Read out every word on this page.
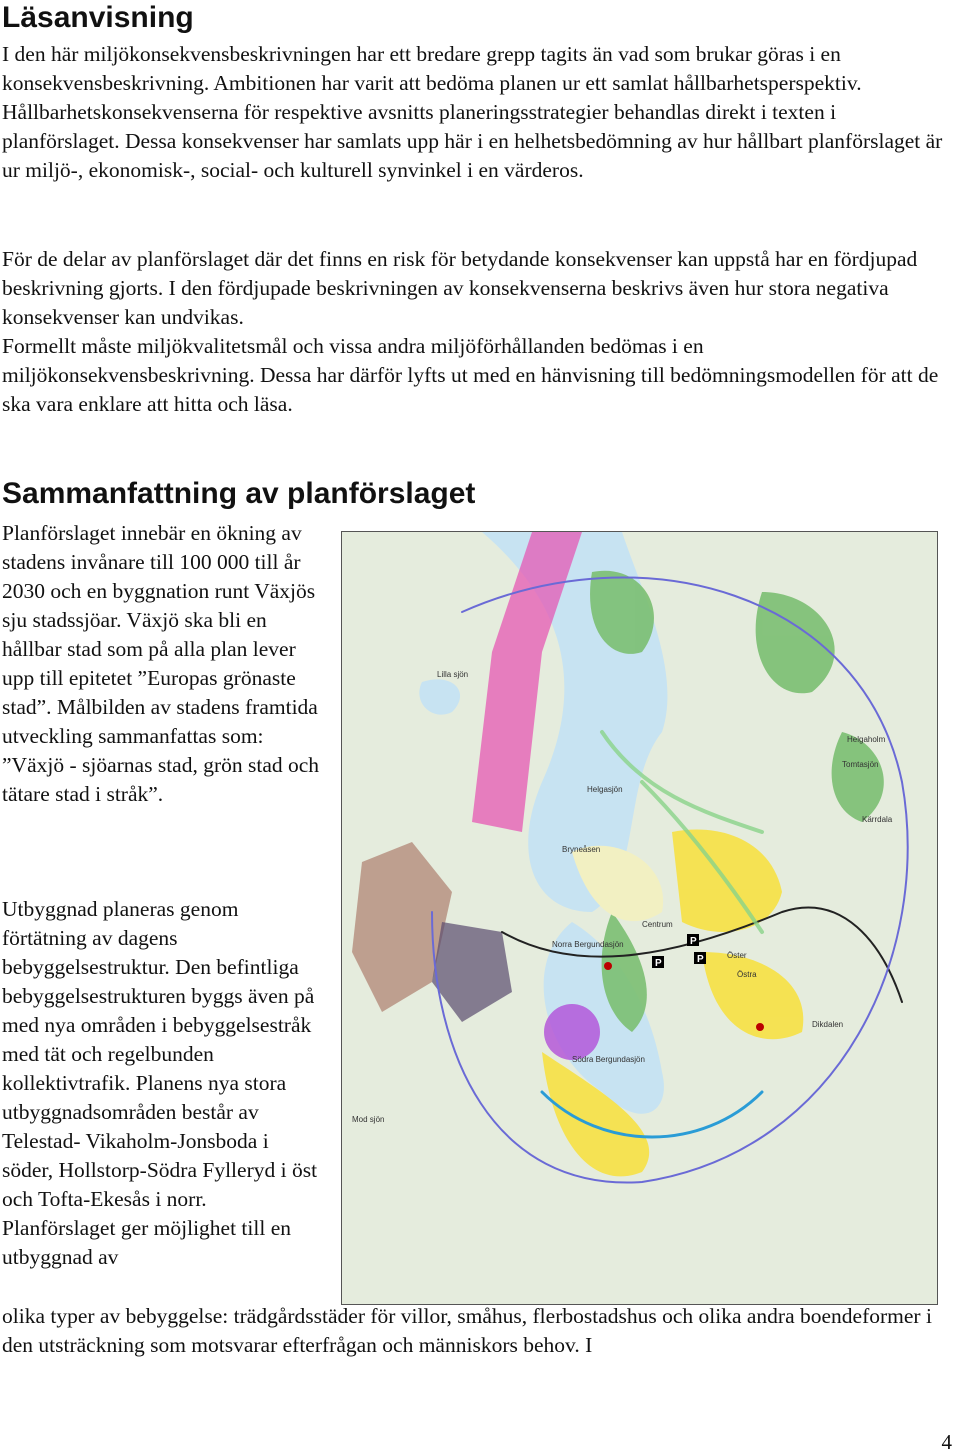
Läsanvisning

I den här miljökonsekvensbeskrivningen har ett bredare grepp tagits än vad som brukar göras i en konsekvensbeskrivning. Ambitionen har varit att bedöma planen ur ett samlat hållbarhetsperspektiv. Hållbarhetskonsekvenserna för respektive avsnitts planeringsstrategier behandlas direkt i texten i planförslaget. Dessa konsekvenser har samlats upp här i en helhetsbedömning av hur hållbart planförslaget är ur miljö-, ekonomisk-, social- och kulturell synvinkel i en värderos.

För de delar av planförslaget där det finns en risk för betydande konsekvenser kan uppstå har en fördjupad beskrivning gjorts. I den fördjupade beskrivningen av konsekvenserna beskrivs även hur stora negativa konsekvenser kan undvikas.

Formellt måste miljökvalitetsmål och vissa andra miljöförhållanden bedömas i en miljökonsekvensbeskrivning. Dessa har därför lyfts ut med en hänvisning till bedömningsmodellen för att de ska vara enklare att hitta och läsa.

Sammanfattning av planförslaget

Planförslaget innebär en ökning av stadens invånare till 100 000 till år 2030 och en byggnation runt Växjös sju stadssjöar. Växjö ska bli en hållbar stad som på alla plan lever upp till epitetet ”Europas grönaste stad”. Målbilden av stadens framtida utveckling sammanfattas som: ”Växjö - sjöarnas stad, grön stad och tätare stad i stråk”.

Utbyggnad planeras genom förtätning av dagens bebyggelsestruktur. Den befintliga bebyggelsestrukturen byggs även på med nya områden i bebyggelsestråk med tät och regelbunden kollektivtrafik. Planens nya stora utbyggnadsområden består av Telestad- Vikaholm-Jonsboda i söder, Hollstorp-Södra Fylleryd i öst och Tofta-Ekesås i norr. Planförslaget ger möjlighet till en utbyggnad av

olika typer av bebyggelse: trädgårdsstäder för villor, småhus, flerbostadshus och olika andra boendeformer i den utsträckning som motsvarar efterfrågan och människors behov. I

Lilla sjön
Helgasjön
Helgaholm
Tomtasjön
Kärrdala
Bryneåsen
Centrum
Öster
Dikdalen
Östra
Norra Bergundasjön
Södra Bergundasjön
Mod sjön
P
P	P
4
